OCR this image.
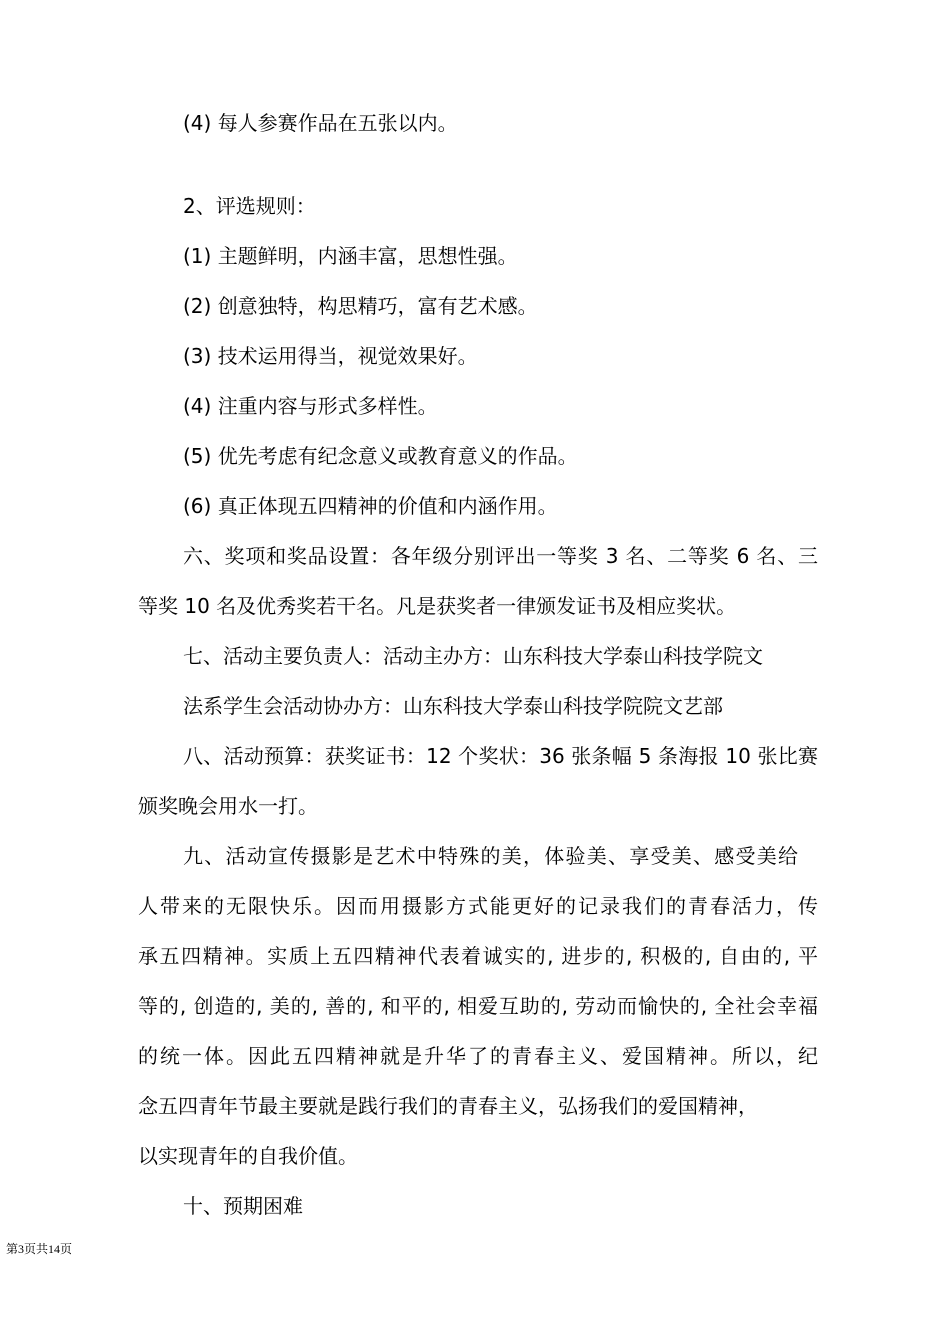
(4) 每人参赛作品在五张以内。
2、评选规则：
(1) 主题鲜明，内涵丰富，思想性强。
(2) 创意独特，构思精巧，富有艺术感。
(3) 技术运用得当，视觉效果好。
(4) 注重内容与形式多样性。
(5) 优先考虑有纪念意义或教育意义的作品。
(6) 真正体现五四精神的价值和内涵作用。
六、奖项和奖品设置：各年级分别评出一等奖 3 名、二等奖 6 名、三
等奖 10 名及优秀奖若干名。凡是获奖者一律颁发证书及相应奖状。
七、活动主要负责人：活动主办方：山东科技大学泰山科技学院文
法系学生会活动协办方：山东科技大学泰山科技学院院文艺部
八、活动预算：获奖证书：12 个奖状：36 张条幅 5 条海报 10 张比赛
颁奖晚会用水一打。
九、活动宣传摄影是艺术中特殊的美，体验美、享受美、感受美给
人带来的无限快乐。因而用摄影方式能更好的记录我们的青春活力，传
承五四精神。实质上五四精神代表着诚实的, 进步的, 积极的, 自由的, 平
等的, 创造的, 美的, 善的, 和平的, 相爱互助的, 劳动而愉快的, 全社会幸福
的统一体。因此五四精神就是升华了的青春主义、爱国精神。所以，纪
念五四青年节最主要就是践行我们的青春主义，弘扬我们的爱国精神，
以实现青年的自我价值。
十、预期困难
第3页共14页
